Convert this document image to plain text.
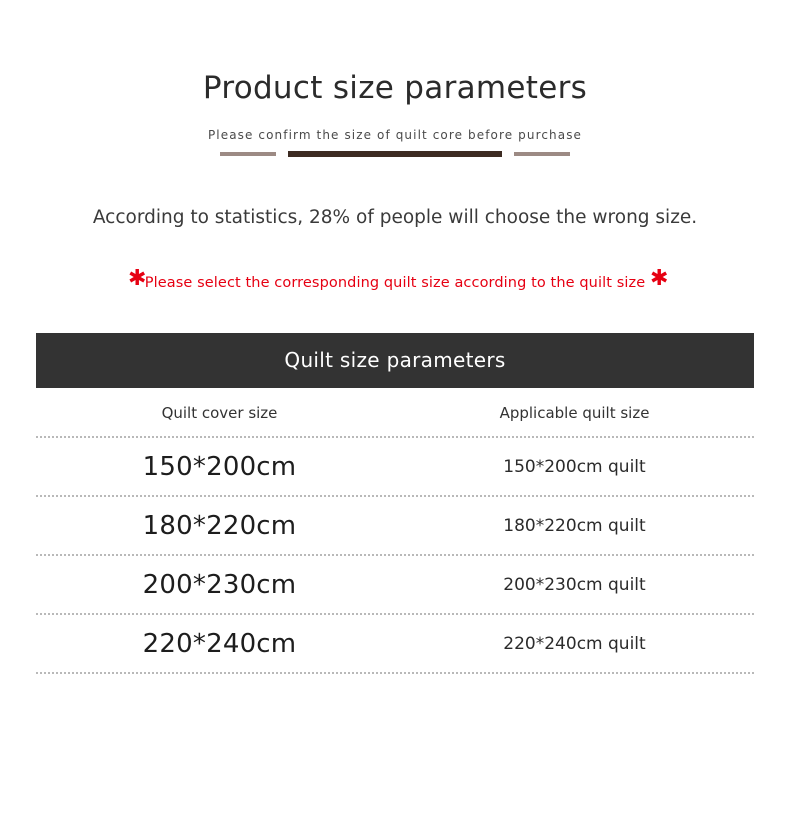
Product size parameters
Please confirm the size of quilt core before purchase
According to statistics, 28% of people will choose the wrong size.
✱
Please select the corresponding quilt size according to the quilt size ✱
Quilt size parameters
Quilt cover size	Applicable quilt size
150*200cm	150*200cm quilt
180*220cm	180*220cm quilt
200*230cm	200*230cm quilt
220*240cm	220*240cm quilt
